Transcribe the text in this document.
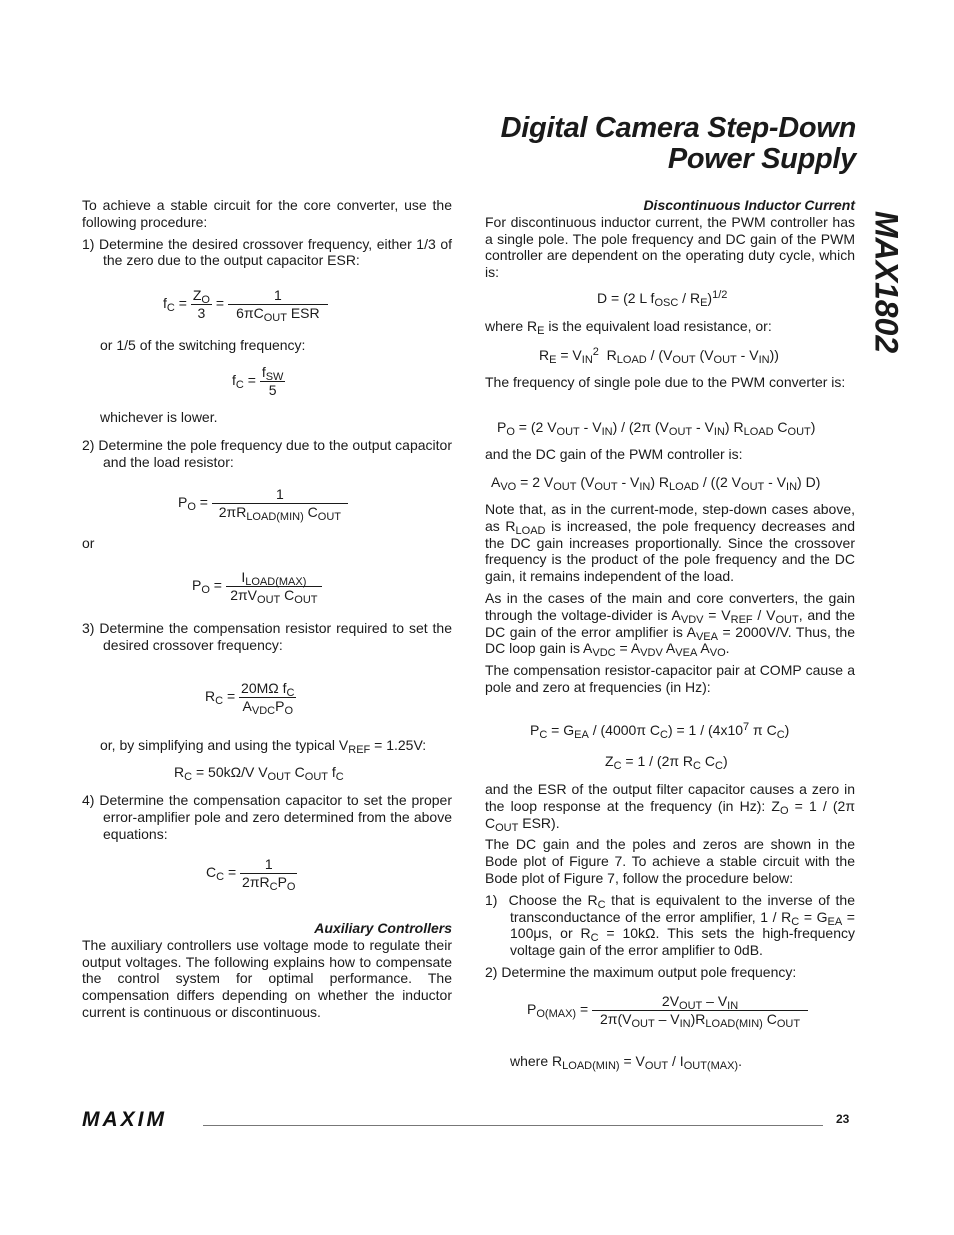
Digital Camera Step-Down
Power Supply
MAX1802

To achieve a stable circuit for the core converter, use the following procedure:

1) Determine the desired crossover frequency, either 1/3 of the zero due to the output capacitor ESR:

$f_C = \frac{Z_O}{3} = \frac{1}{6\pi C_{OUT} ESR}$

or 1/5 of the switching frequency:

$f_C = \frac{f_{SW}}{5}$

whichever is lower.

2) Determine the pole frequency due to the output capacitor and the load resistor:

$P_O = \frac{1}{2\pi R_{LOAD(MIN)} C_{OUT}}$

or

$P_O = \frac{I_{LOAD(MAX)}}{2\pi V_{OUT} C_{OUT}}$

3) Determine the compensation resistor required to set the desired crossover frequency:

$R_C = \frac{20M\Omega f_C}{A_{VDC}P_O}$

or, by simplifying and using the typical $V_{REF} = 1.25V$:

$R_C = 50k\Omega/V$ $V_{OUT}$ $C_{OUT}$ $f_C$

4) Determine the compensation capacitor to set the proper error-amplifier pole and zero determined from the above equations:

$C_C = \frac{1}{2\pi R_CP_O}$

Auxiliary Controllers

The auxiliary controllers use voltage mode to regulate their output voltages. The following explains how to compensate the control system for optimal performance. The compensation differs depending on whether the inductor current is continuous or discontinuous.

Discontinuous Inductor Current

For discontinuous inductor current, the PWM controller has a single pole. The pole frequency and DC gain of the PWM controller are dependent on the operating duty cycle, which is:

D = (2 L $f_{OSC} / R_E)^{1/2}$

where $R_E$ is the equivalent load resistance, or:

$R_E = V_{IN}^2$  $R_{LOAD} / (V_{OUT}$ $(V_{OUT} - V_{IN})$)

The frequency of single pole due to the PWM converter is:

$P_O = (2$ $V_{OUT} - V_{IN}) / (2\pi$ $(V_{OUT} - V_{IN})$ $R_{LOAD}$ $C_{OUT}$)

and the DC gain of the PWM controller is:

$A_{VO} = 2$ $V_{OUT}$ $(V_{OUT} - V_{IN})$ $R_{LOAD} / ((2$ $V_{OUT} - V_{IN}$) D)

Note that, as in the current-mode, step-down cases above, as $R_{LOAD}$ is increased, the pole frequency decreases and the DC gain increases proportionally. Since the crossover frequency is the product of the pole frequency and the DC gain, it remains independent of the load.

As in the cases of the main and core converters, the gain through the voltage-divider is $A_{VDV} = V_{REF} / V_{OUT}$, and the DC gain of the error amplifier is $A_{VEA} = 2000V/V$. Thus, the DC loop gain is $A_{VDC} = A_{VDV}$ $A_{VEA}$ $A_{VO}$.

The compensation resistor-capacitor pair at COMP cause a pole and zero at frequencies (in Hz):

$P_C = G_{EA} / (4000\pi$ $C_C) = 1 / (4x10^7$ π $C_C$)

$Z_C = 1 / (2\pi$ $R_C$ $C_C$)

and the ESR of the output filter capacitor causes a zero in the loop response at the frequency (in Hz): $Z_O = 1 / (2\pi$ $C_{OUT}$ ESR).

The DC gain and the poles and zeros are shown in the Bode plot of Figure 7. To achieve a stable circuit with the Bode plot of Figure 7, follow the procedure below:

1)  Choose the $R_C$ that is equivalent to the inverse of the transconductance of the error amplifier, $1 / R_C = G_{EA} = 100\mu s$, or $R_C = 10k\Omega$. This sets the high-frequency voltage gain of the error amplifier to 0dB.

2) Determine the maximum output pole frequency:

$P_{O(MAX)} = \frac{2V_{OUT} - V_{IN}}{2\pi(V_{OUT} - V_{IN})R_{LOAD(MIN)} C_{OUT}}$

where $R_{LOAD(MIN)} = V_{OUT} / I_{OUT(MAX)}$.

MAXIM	23
